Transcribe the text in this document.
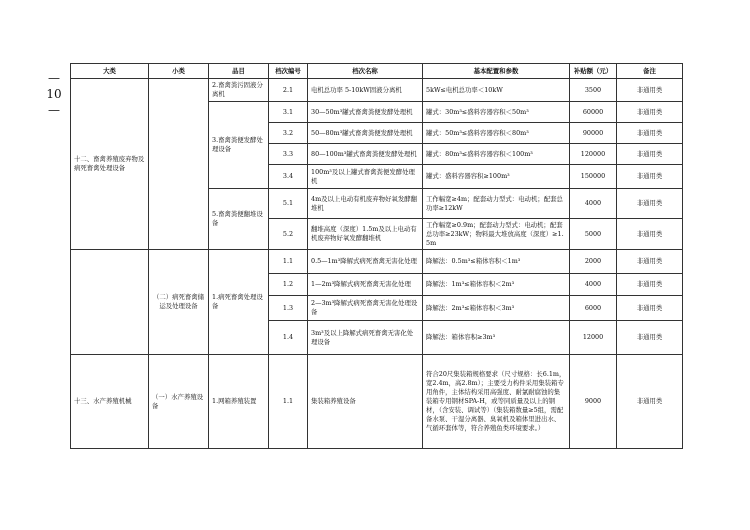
—
10
—
大类	小类	品目	档次编号	档次名称	基本配置和参数	补贴额（元）	备注
十二、畜禽养殖废弃物及病死畜禽处理设备		2.畜禽粪污固液分离机	2.1	电机总功率 5-10kW固液分离机	5kW≤电机总功率＜10kW	3500	非通用类
		3.畜禽粪便发酵处理设备	3.1	30—50m³罐式畜禽粪便发酵处理机	罐式：30m³≤盛料容器容积＜50m³	60000	非通用类
			3.2	50—80m³罐式畜禽粪便发酵处理机	罐式：50m³≤盛料容器容积＜80m³	90000	非通用类
			3.3	80—100m³罐式畜禽粪便发酵处理机	罐式：80m³≤盛料容器容积＜100m³	120000	非通用类
			3.4	100m³及以上罐式畜禽粪便发酵处理机	罐式：盛料容器容积≥100m³	150000	非通用类
		5.畜禽粪便翻堆设备	5.1	4m及以上电动有机废弃物好氧发酵翻堆机	工作幅宽≥4m；配套动力型式：电动机；配套总功率≥12kW	4000	非通用类
			5.2	翻堆高度（深度）1.5m及以上电动有机废弃物好氧发酵翻堆机	工作幅宽≥0.9m；配套动力型式：电动机；配套总功率≥23kW；物料最大堆放高度（深度）≥1.5m	5000	非通用类
	（二）病死畜禽储运及处理设备	1.病死畜禽处理设备	1.1	0.5—1m³降解式病死畜禽无害化处理	降解法：0.5m³≤箱体容积＜1m³	2000	非通用类
			1.2	1—2m³降解式病死畜禽无害化处理	降解法：1m³≤箱体容积＜2m³	4000	非通用类
			1.3	2—3m³降解式病死畜禽无害化处理设备	降解法：2m³≤箱体容积＜3m³	6000	非通用类
			1.4	3m³及以上降解式病死畜禽无害化处理设备	降解法：箱体容积≥3m³	12000	非通用类
十三、水产养殖机械	（一）水产养殖设备	1.网箱养殖装置	1.1	集装箱养殖设备	符合20尺集装箱规格要求（尺寸规格：长6.1m，宽2.4m，高2.8m）；主要受力构件采用集装箱专用角件，主体结构采用高强度、耐氯耐腐蚀的集装箱专用钢材SPA-H，或等同质量及以上的钢材，（含安装、调试等）（集装箱数量≥5组，需配备水泵、干湿分离器、臭氧机及箱体里进出水、气循环套体等，符合养殖鱼类环境要求。）	9000	非通用类
